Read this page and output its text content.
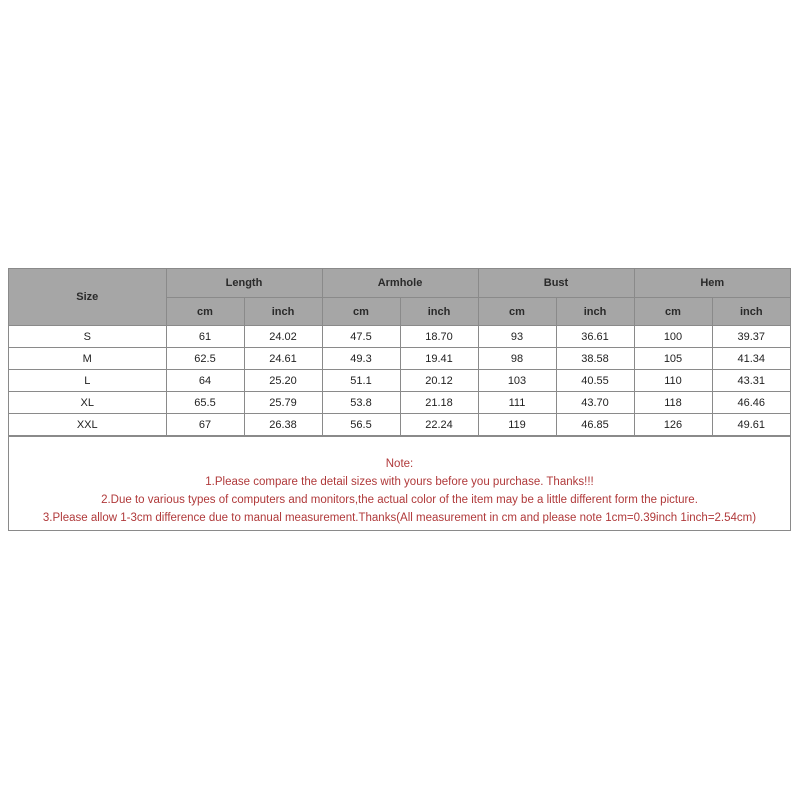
Size	Length		Armhole		Bust		Hem	
	cm	inch	cm	inch	cm	inch	cm	inch
S	61	24.02	47.5	18.70	93	36.61	100	39.37
M	62.5	24.61	49.3	19.41	98	38.58	105	41.34
L	64	25.20	51.1	20.12	103	40.55	110	43.31
XL	65.5	25.79	53.8	21.18	111	43.70	118	46.46
XXL	67	26.38	56.5	22.24	119	46.85	126	49.61
Note:
1.Please compare the detail sizes with yours before you purchase. Thanks!!!
2.Due to various types of computers and monitors,the actual color of the item may be a little different form the picture.
3.Please allow 1-3cm difference due to manual measurement.Thanks(All measurement in cm and please note 1cm=0.39inch 1inch=2.54cm)
